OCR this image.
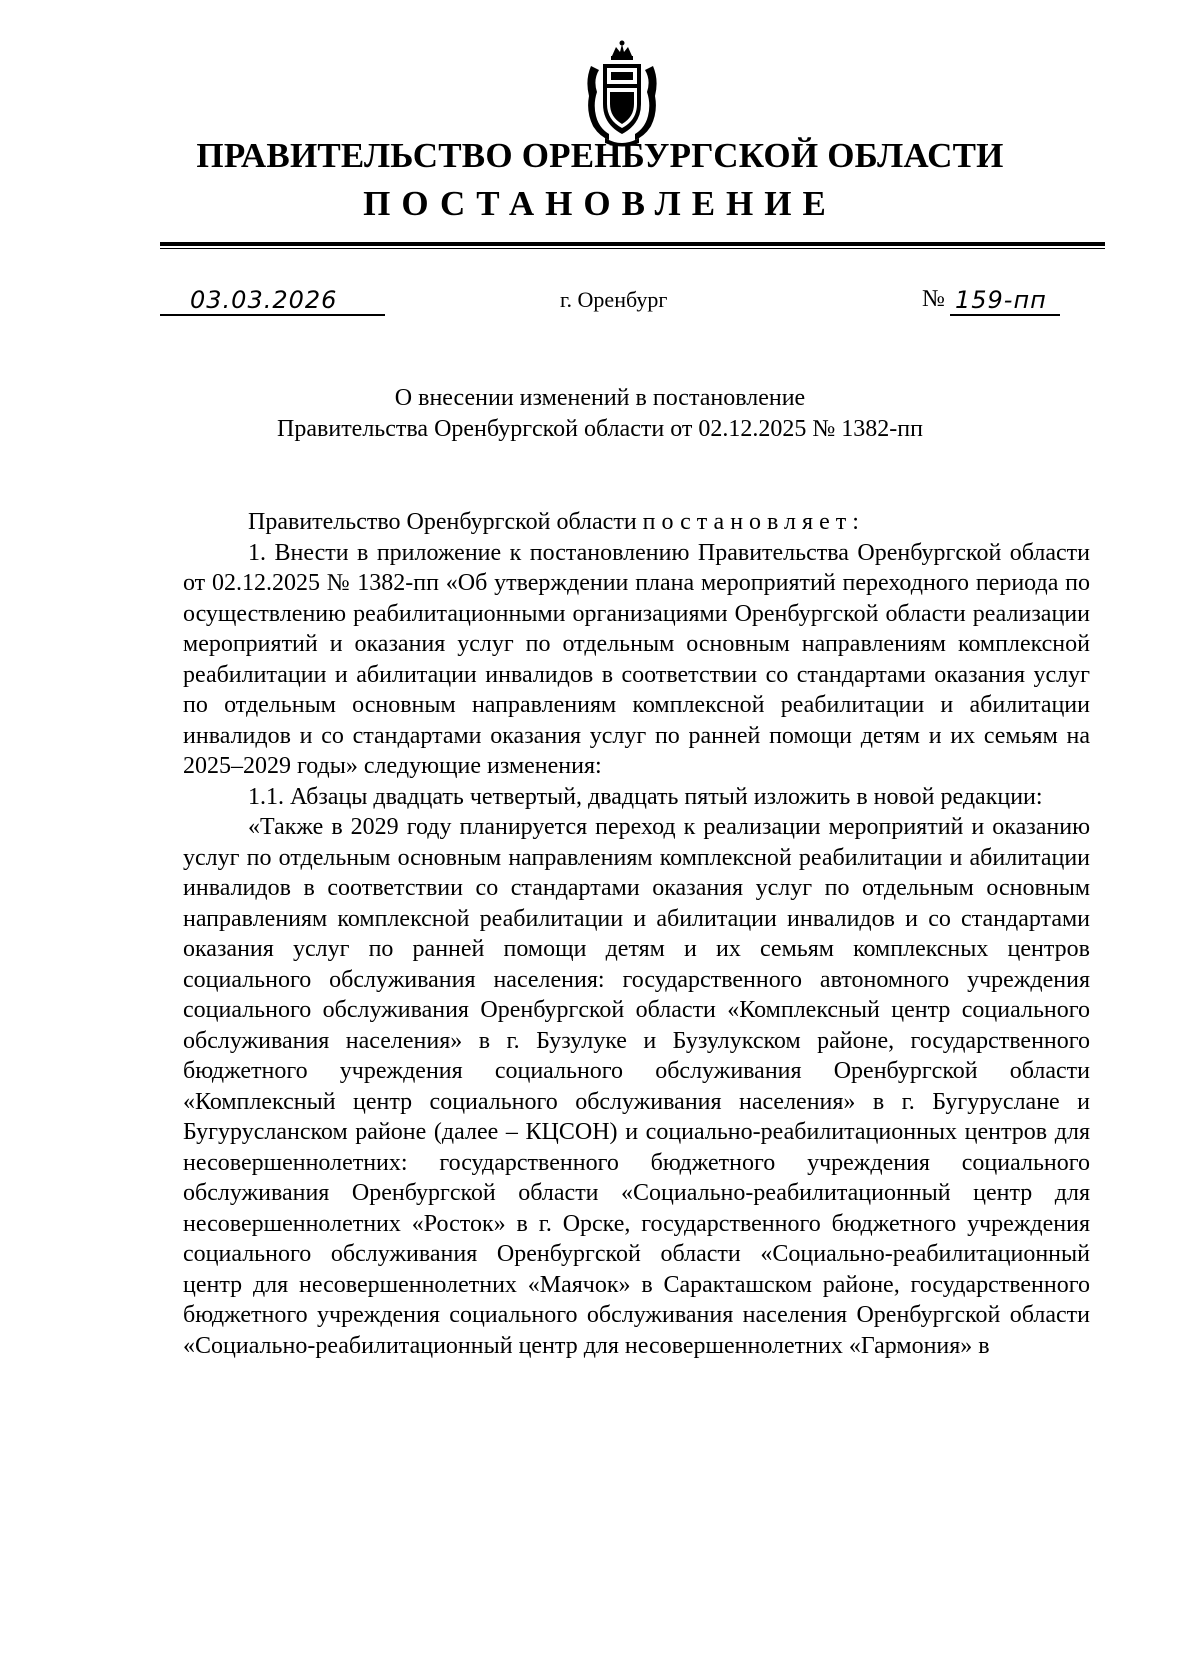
ПРАВИТЕЛЬСТВО ОРЕНБУРГСКОЙ ОБЛАСТИ
ПОСТАНОВЛЕНИЕ
03.03.2026	г. Оренбург	№ 159-пп
О внесении изменений в постановление
Правительства Оренбургской области от 02.12.2025 № 1382-пп

Правительство Оренбургской области постановляет:

1. Внести в приложение к постановлению Правительства Оренбургской области от 02.12.2025 № 1382-пп «Об утверждении плана мероприятий переходного периода по осуществлению реабилитационными организациями Оренбургской области реализации мероприятий и оказания услуг по отдельным основным направлениям комплексной реабилитации и абилитации инвалидов в соответствии со стандартами оказания услуг по отдельным основным направлениям комплексной реабилитации и абилитации инвалидов и со стандартами оказания услуг по ранней помощи детям и их семьям на 2025–2029 годы» следующие изменения:

1.1. Абзацы двадцать четвертый, двадцать пятый изложить в новой редакции:

«Также в 2029 году планируется переход к реализации мероприятий и оказанию услуг по отдельным основным направлениям комплексной реабилитации и абилитации инвалидов в соответствии со стандартами оказания услуг по отдельным основным направлениям комплексной реабилитации и абилитации инвалидов и со стандартами оказания услуг по ранней помощи детям и их семьям комплексных центров социального обслуживания населения: государственного автономного учреждения социального обслуживания Оренбургской области «Комплексный центр социального обслуживания населения» в г. Бузулуке и Бузулукском районе, государственного бюджетного учреждения социального обслуживания Оренбургской области «Комплексный центр социального обслуживания населения» в г. Бугуруслане и Бугурусланском районе (далее – КЦСОН) и социально-реабилитационных центров для несовершеннолетних: государственного бюджетного учреждения социального обслуживания Оренбургской области «Социально-реабилитационный центр для несовершеннолетних «Росток» в г. Орске, государственного бюджетного учреждения социального обслуживания Оренбургской области «Социально-реабилитационный центр для несовершеннолетних «Маячок» в Саракташском районе, государственного бюджетного учреждения социального обслуживания населения Оренбургской области «Социально-реабилитационный центр для несовершеннолетних «Гармония» в
